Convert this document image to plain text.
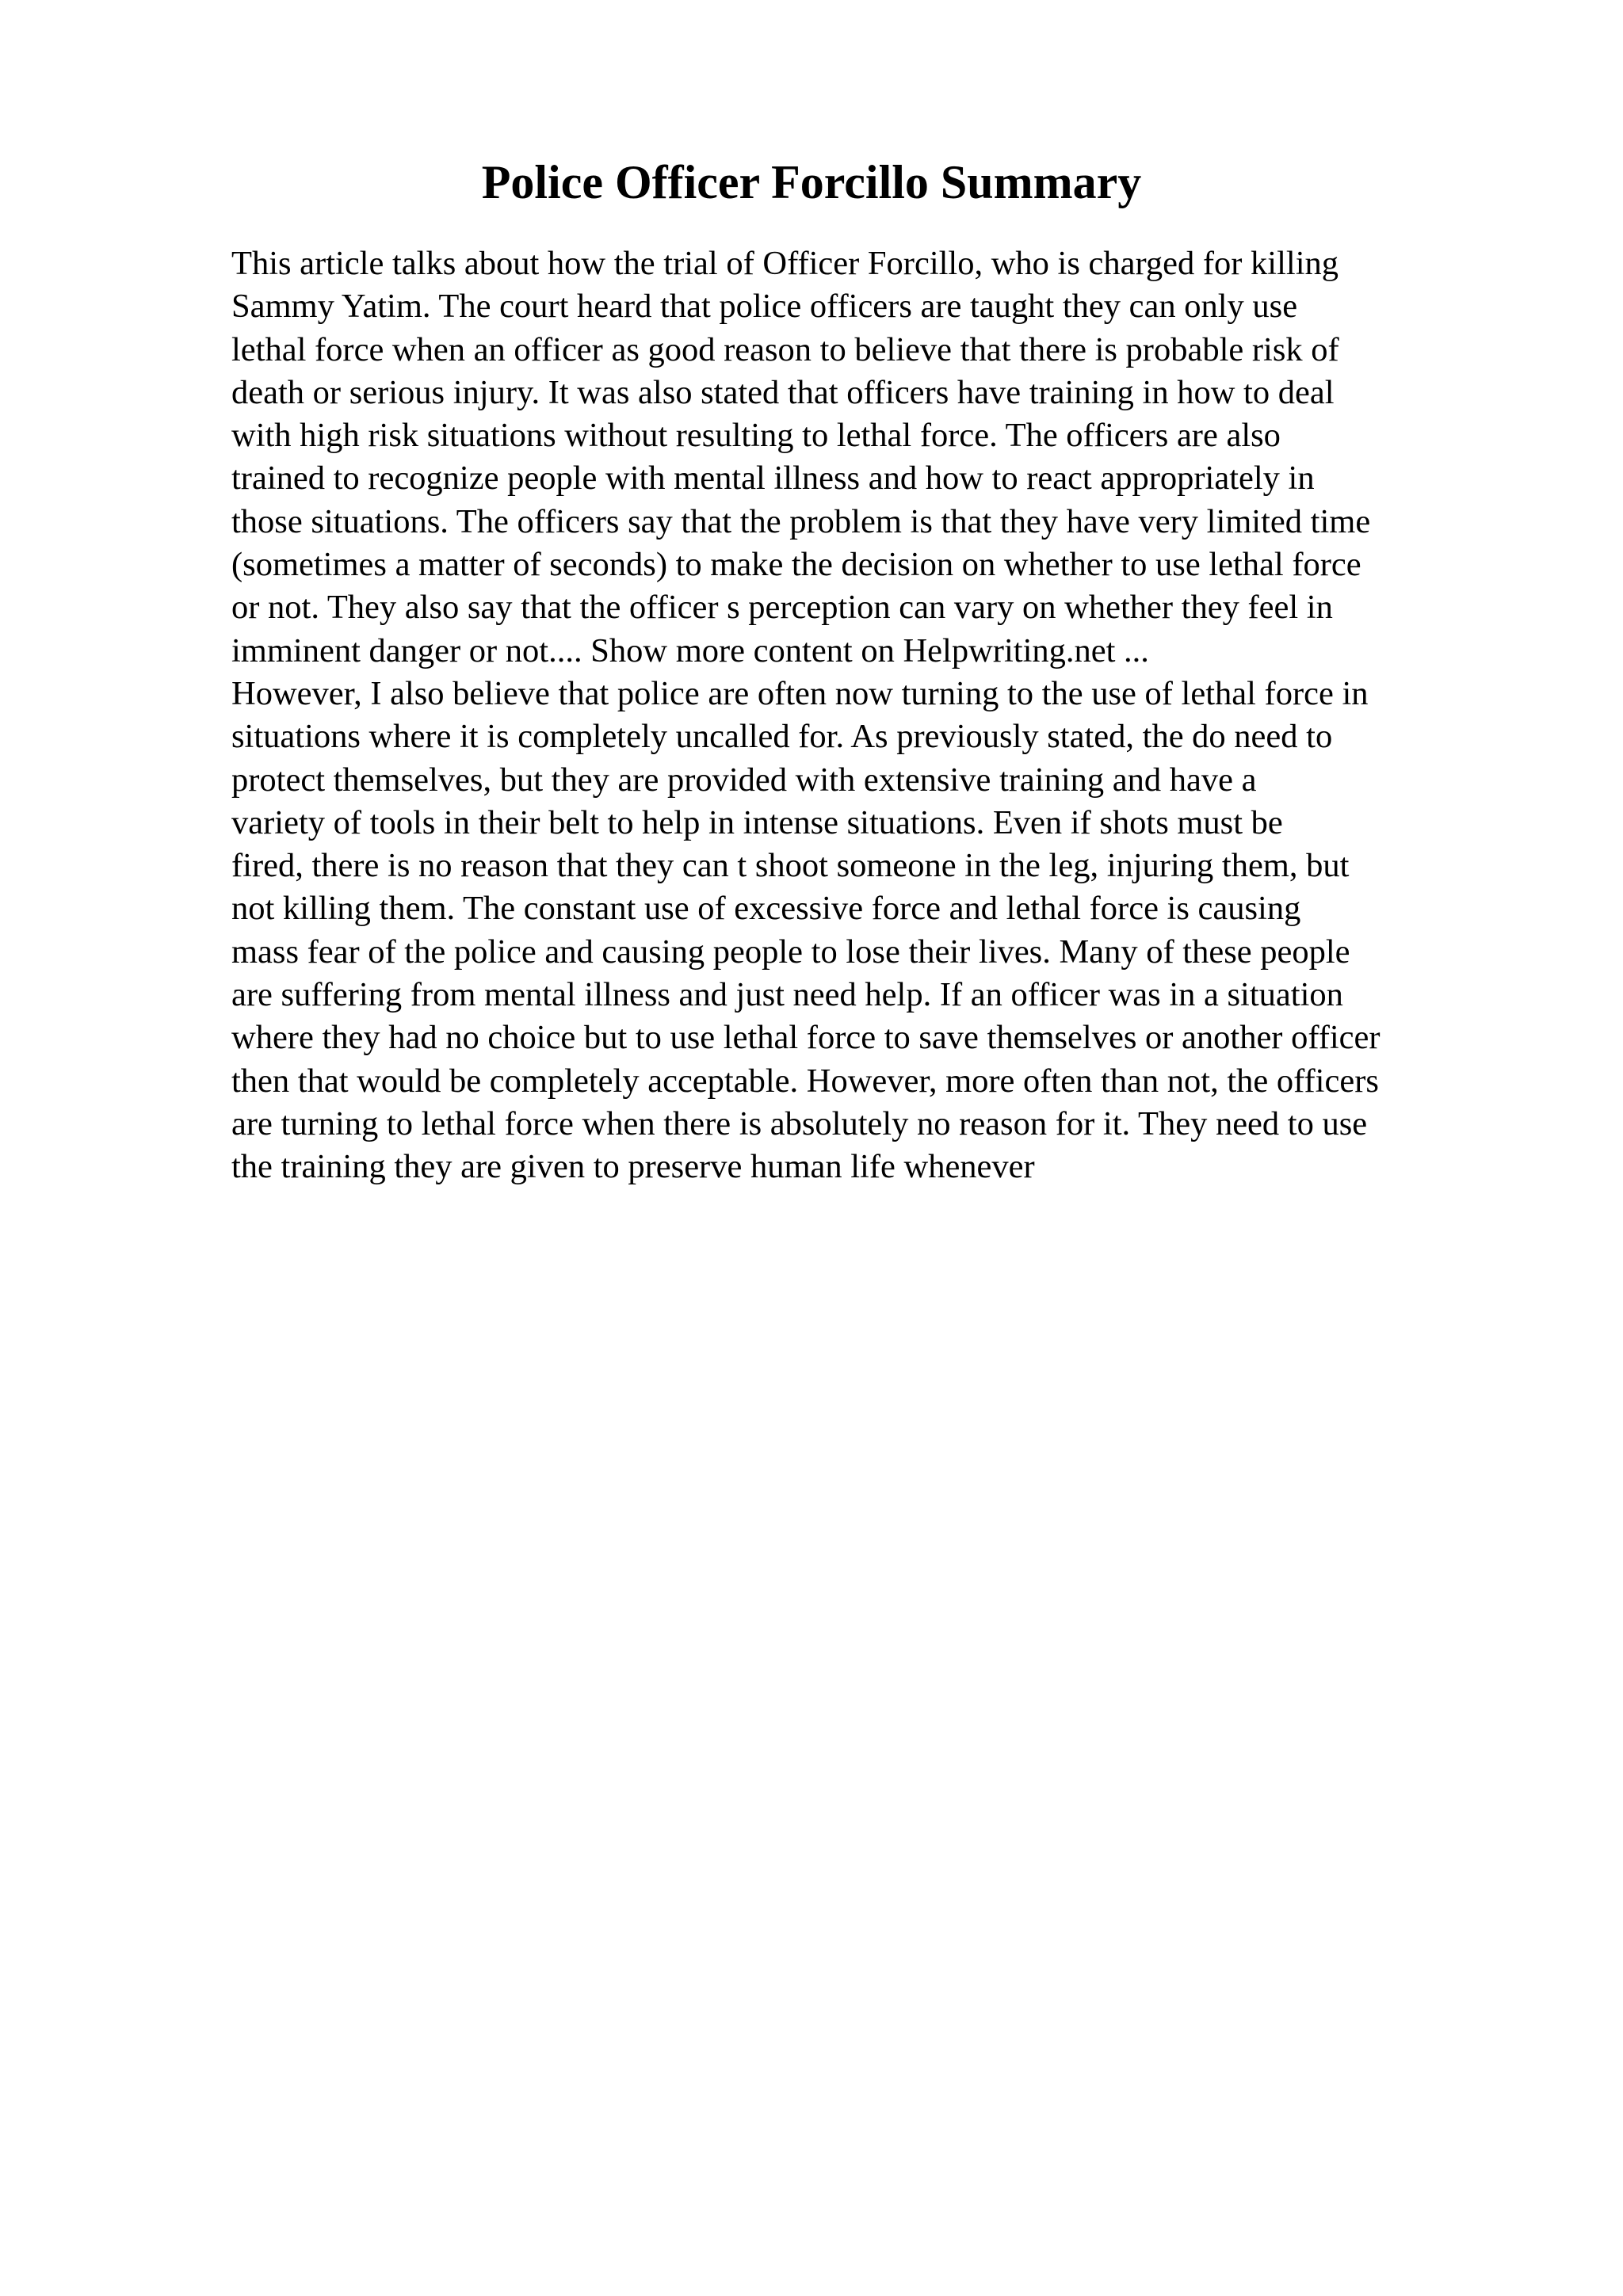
Police Officer Forcillo Summary
This article talks about how the trial of Officer Forcillo, who is charged for killing
Sammy Yatim. The court heard that police officers are taught they can only use
lethal force when an officer as good reason to believe that there is probable risk of
death or serious injury. It was also stated that officers have training in how to deal
with high risk situations without resulting to lethal force. The officers are also
trained to recognize people with mental illness and how to react appropriately in
those situations. The officers say that the problem is that they have very limited time
(sometimes a matter of seconds) to make the decision on whether to use lethal force
or not. They also say that the officer s perception can vary on whether they feel in
imminent danger or not.... Show more content on Helpwriting.net ...
However, I also believe that police are often now turning to the use of lethal force in
situations where it is completely uncalled for. As previously stated, the do need to
protect themselves, but they are provided with extensive training and have a
variety of tools in their belt to help in intense situations. Even if shots must be
fired, there is no reason that they can t shoot someone in the leg, injuring them, but
not killing them. The constant use of excessive force and lethal force is causing
mass fear of the police and causing people to lose their lives. Many of these people
are suffering from mental illness and just need help. If an officer was in a situation
where they had no choice but to use lethal force to save themselves or another officer
then that would be completely acceptable. However, more often than not, the officers
are turning to lethal force when there is absolutely no reason for it. They need to use
the training they are given to preserve human life whenever
